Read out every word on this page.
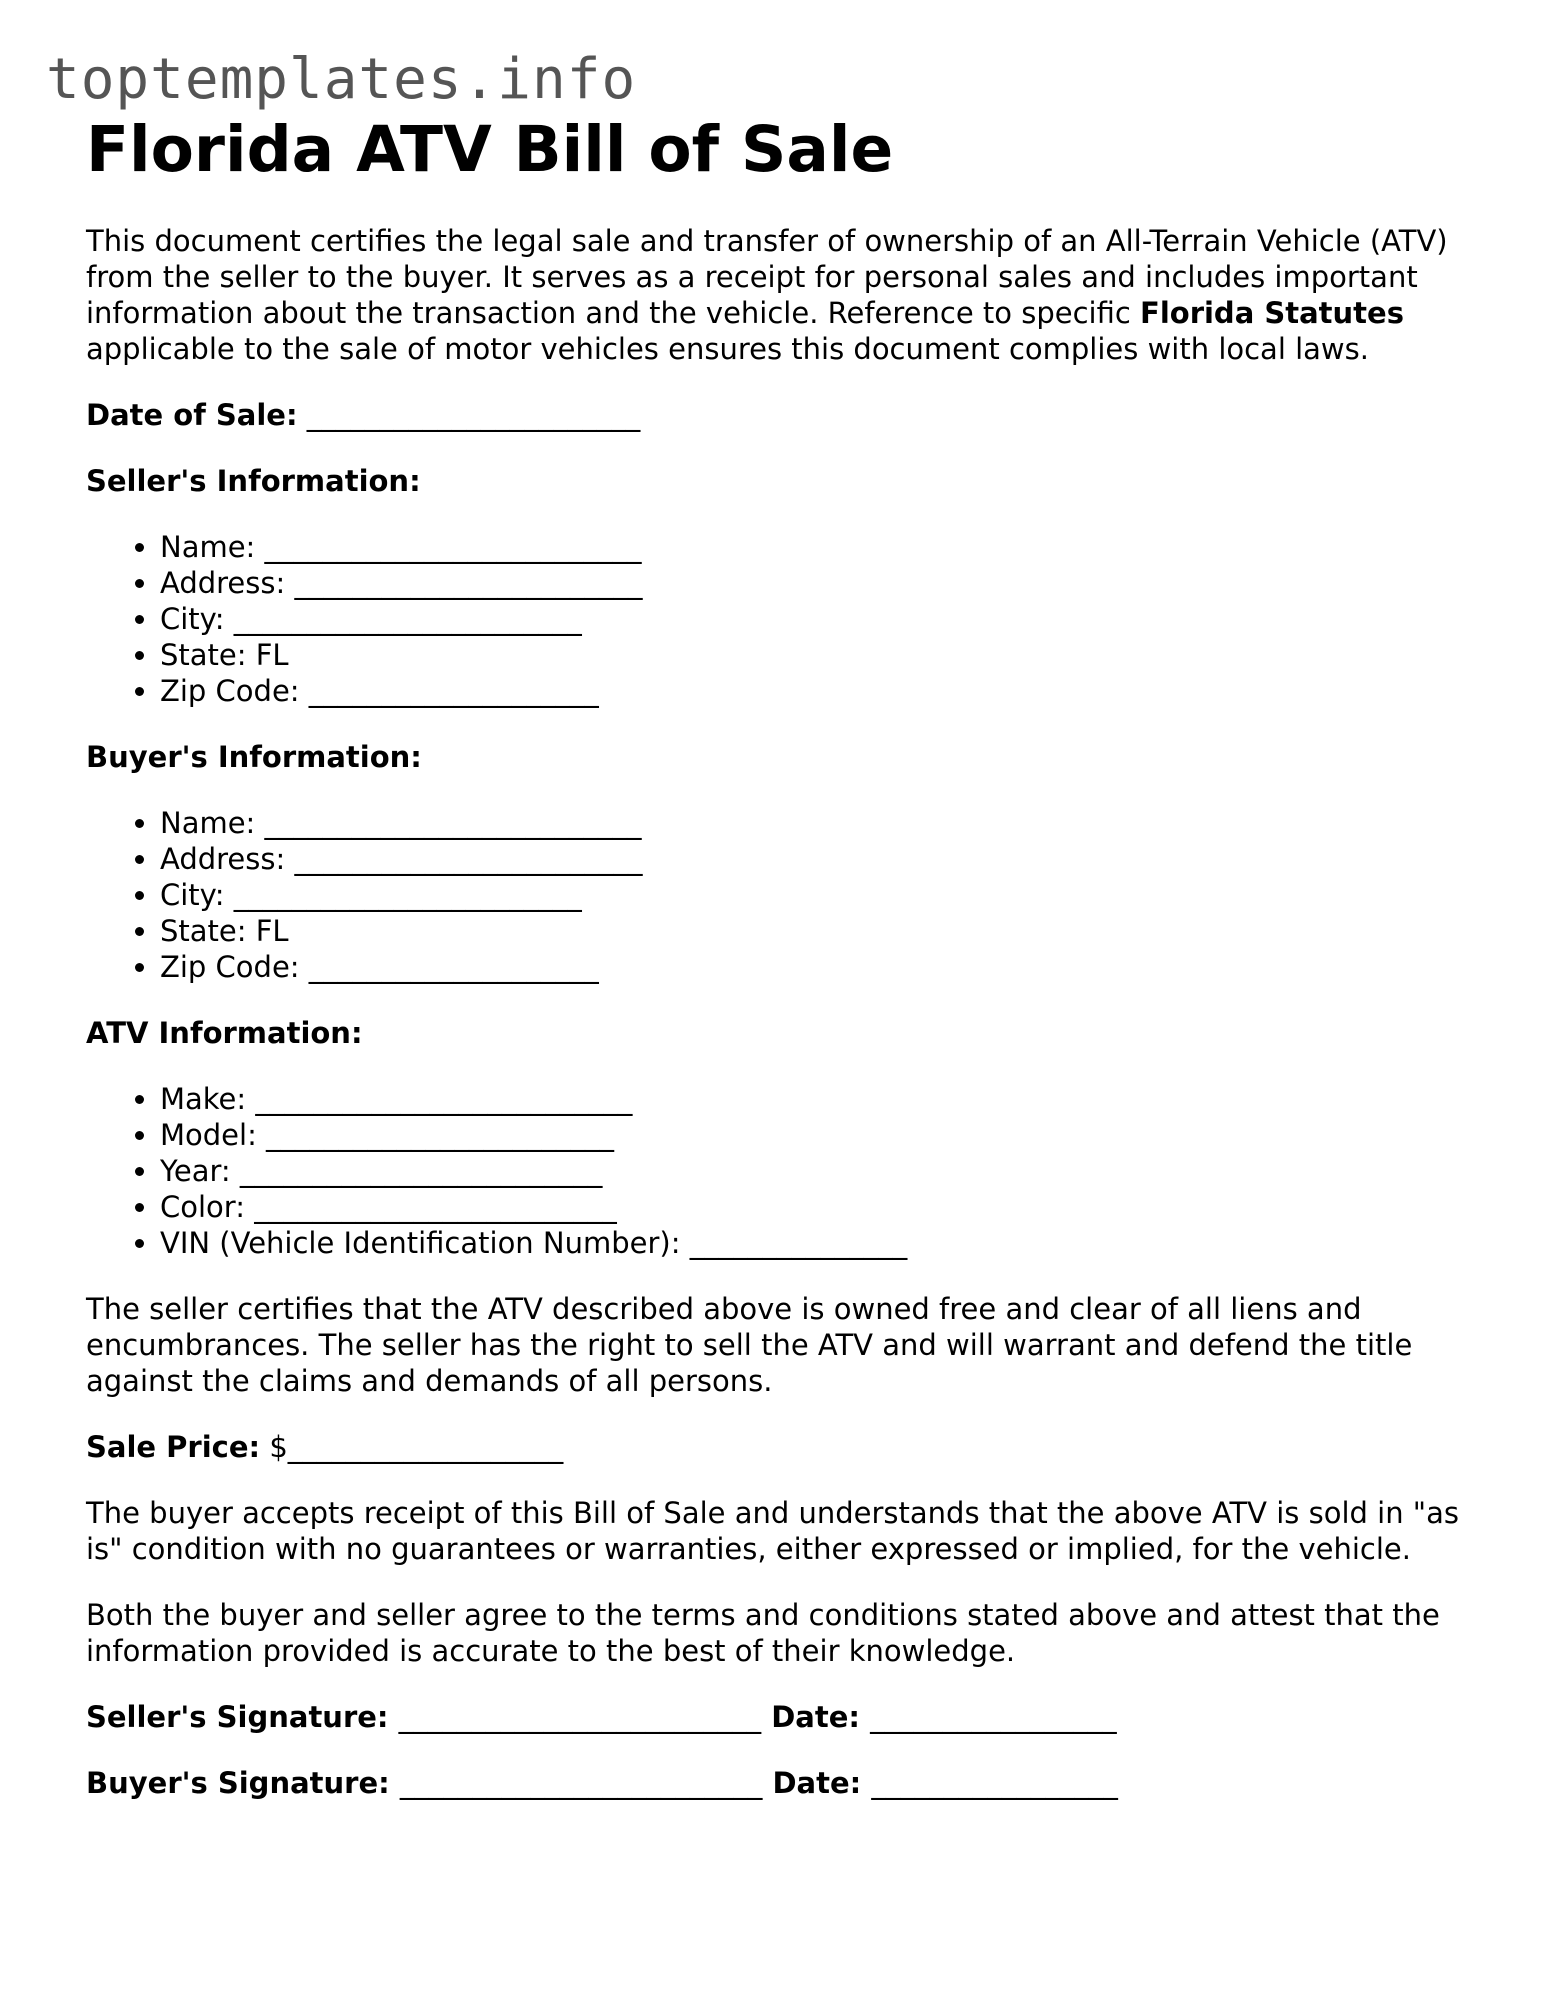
toptemplates.info
Florida ATV Bill of Sale

This document certifies the legal sale and transfer of ownership of an All-Terrain Vehicle (ATV) from the seller to the buyer. It serves as a receipt for personal sales and includes important information about the transaction and the vehicle. Reference to specific Florida Statutes applicable to the sale of motor vehicles ensures this document complies with local laws.

Date of Sale: _______________________

Seller's Information:

• Name: __________________________
• Address: ________________________
• City: ________________________
• State: FL
• Zip Code: ____________________

Buyer's Information:

• Name: __________________________
• Address: ________________________
• City: ________________________
• State: FL
• Zip Code: ____________________

ATV Information:

• Make: __________________________
• Model: ________________________
• Year: _________________________
• Color: _________________________
• VIN (Vehicle Identification Number): _______________

The seller certifies that the ATV described above is owned free and clear of all liens and encumbrances. The seller has the right to sell the ATV and will warrant and defend the title against the claims and demands of all persons.

Sale Price: $___________________

The buyer accepts receipt of this Bill of Sale and understands that the above ATV is sold in "as is" condition with no guarantees or warranties, either expressed or implied, for the vehicle.

Both the buyer and seller agree to the terms and conditions stated above and attest that the information provided is accurate to the best of their knowledge.

Seller's Signature: _________________________ Date: _________________

Buyer's Signature: _________________________ Date: _________________
